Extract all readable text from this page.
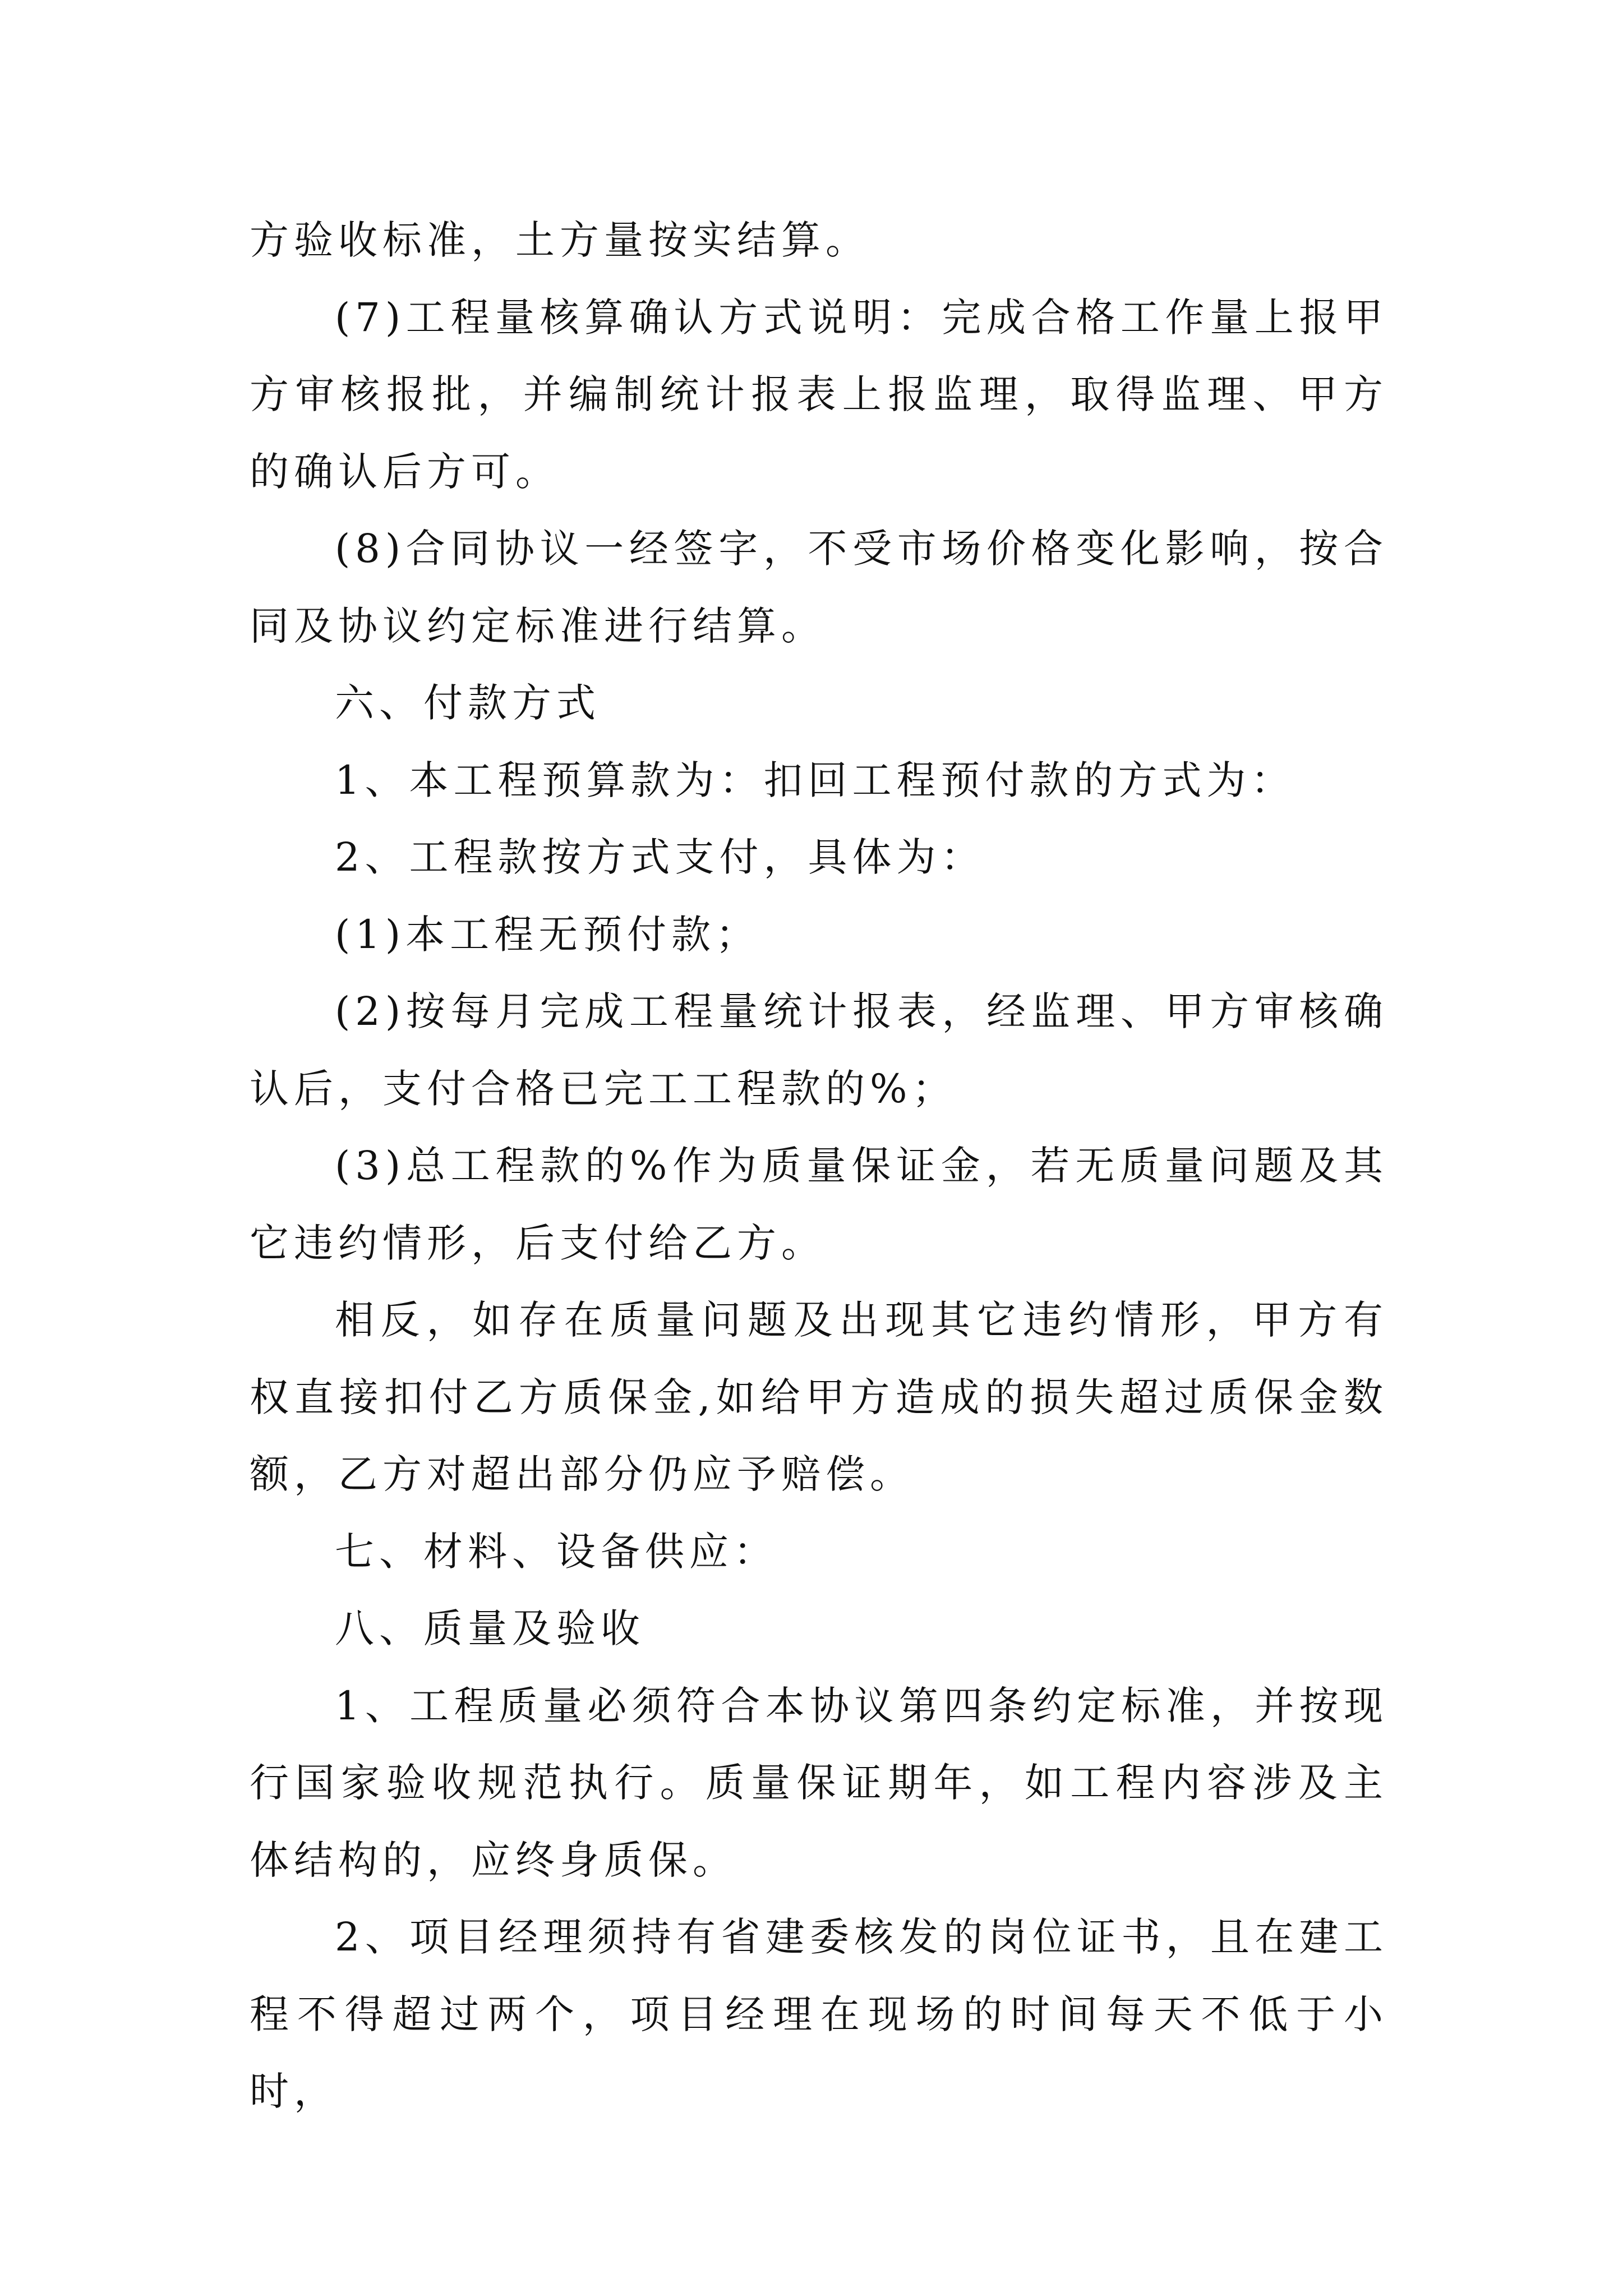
方验收标准，土方量按实结算。

(7)工程量核算确认方式说明：完成合格工作量上报甲方审核报批，并编制统计报表上报监理，取得监理、甲方的确认后方可。

(8)合同协议一经签字，不受市场价格变化影响，按合同及协议约定标准进行结算。

六、付款方式

1、本工程预算款为：扣回工程预付款的方式为：

2、工程款按方式支付，具体为：

(1)本工程无预付款；

(2)按每月完成工程量统计报表，经监理、甲方审核确认后，支付合格已完工工程款的%；

(3)总工程款的%作为质量保证金，若无质量问题及其它违约情形，后支付给乙方。

相反，如存在质量问题及出现其它违约情形，甲方有权直接扣付乙方质保金,如给甲方造成的损失超过质保金数额，乙方对超出部分仍应予赔偿。

七、材料、设备供应：

八、质量及验收

1、工程质量必须符合本协议第四条约定标准，并按现行国家验收规范执行。质量保证期年，如工程内容涉及主体结构的，应终身质保。

2、项目经理须持有省建委核发的岗位证书，且在建工程不得超过两个，项目经理在现场的时间每天不低于小时，
